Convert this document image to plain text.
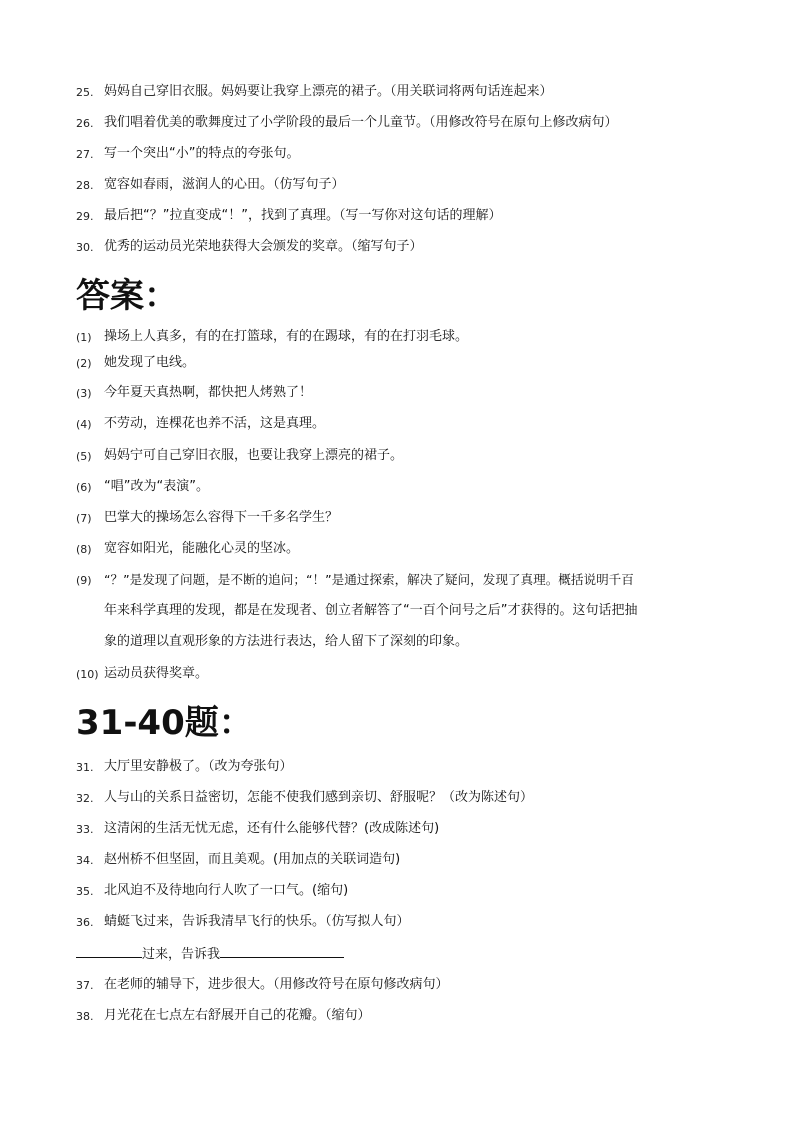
25. 妈妈自己穿旧衣服。妈妈要让我穿上漂亮的裙子。（用关联词将两句话连起来）
26. 我们唱着优美的歌舞度过了小学阶段的最后一个儿童节。（用修改符号在原句上修改病句）
27. 写一个突出“小”的特点的夸张句。
28. 宽容如春雨，滋润人的心田。（仿写句子）
29. 最后把“？”拉直变成“！”，找到了真理。（写一写你对这句话的理解）
30. 优秀的运动员光荣地获得大会颁发的奖章。（缩写句子）
答案：
(1) 操场上人真多，有的在打篮球，有的在踢球，有的在打羽毛球。
(2) 她发现了电线。
(3) 今年夏天真热啊，都快把人烤熟了！
(4) 不劳动，连棵花也养不活，这是真理。
(5) 妈妈宁可自己穿旧衣服，也要让我穿上漂亮的裙子。
(6) “唱”改为“表演”。
(7) 巴掌大的操场怎么容得下一千多名学生？
(8) 宽容如阳光，能融化心灵的坚冰。
(9) “？”是发现了问题，是不断的追问；“！”是通过探索，解决了疑问，发现了真理。概括说明千百
年来科学真理的发现，都是在发现者、创立者解答了“一百个问号之后”才获得的。这句话把抽
象的道理以直观形象的方法进行表达，给人留下了深刻的印象。
(10) 运动员获得奖章。
31-40题：
31. 大厅里安静极了。（改为夸张句）
32. 人与山的关系日益密切，怎能不使我们感到亲切、舒服呢？（改为陈述句）
33. 这清闲的生活无忧无虑，还有什么能够代替？(改成陈述句)
34. 赵州桥不但坚固，而且美观。(用加点的关联词造句)
35. 北风迫不及待地向行人吹了一口气。(缩句)
36. 蜻蜓飞过来，告诉我清早飞行的快乐。（仿写拟人句）
过来，告诉我
37. 在老师的辅导下，进步很大。（用修改符号在原句修改病句）
38. 月光花在七点左右舒展开自己的花瓣。（缩句）
